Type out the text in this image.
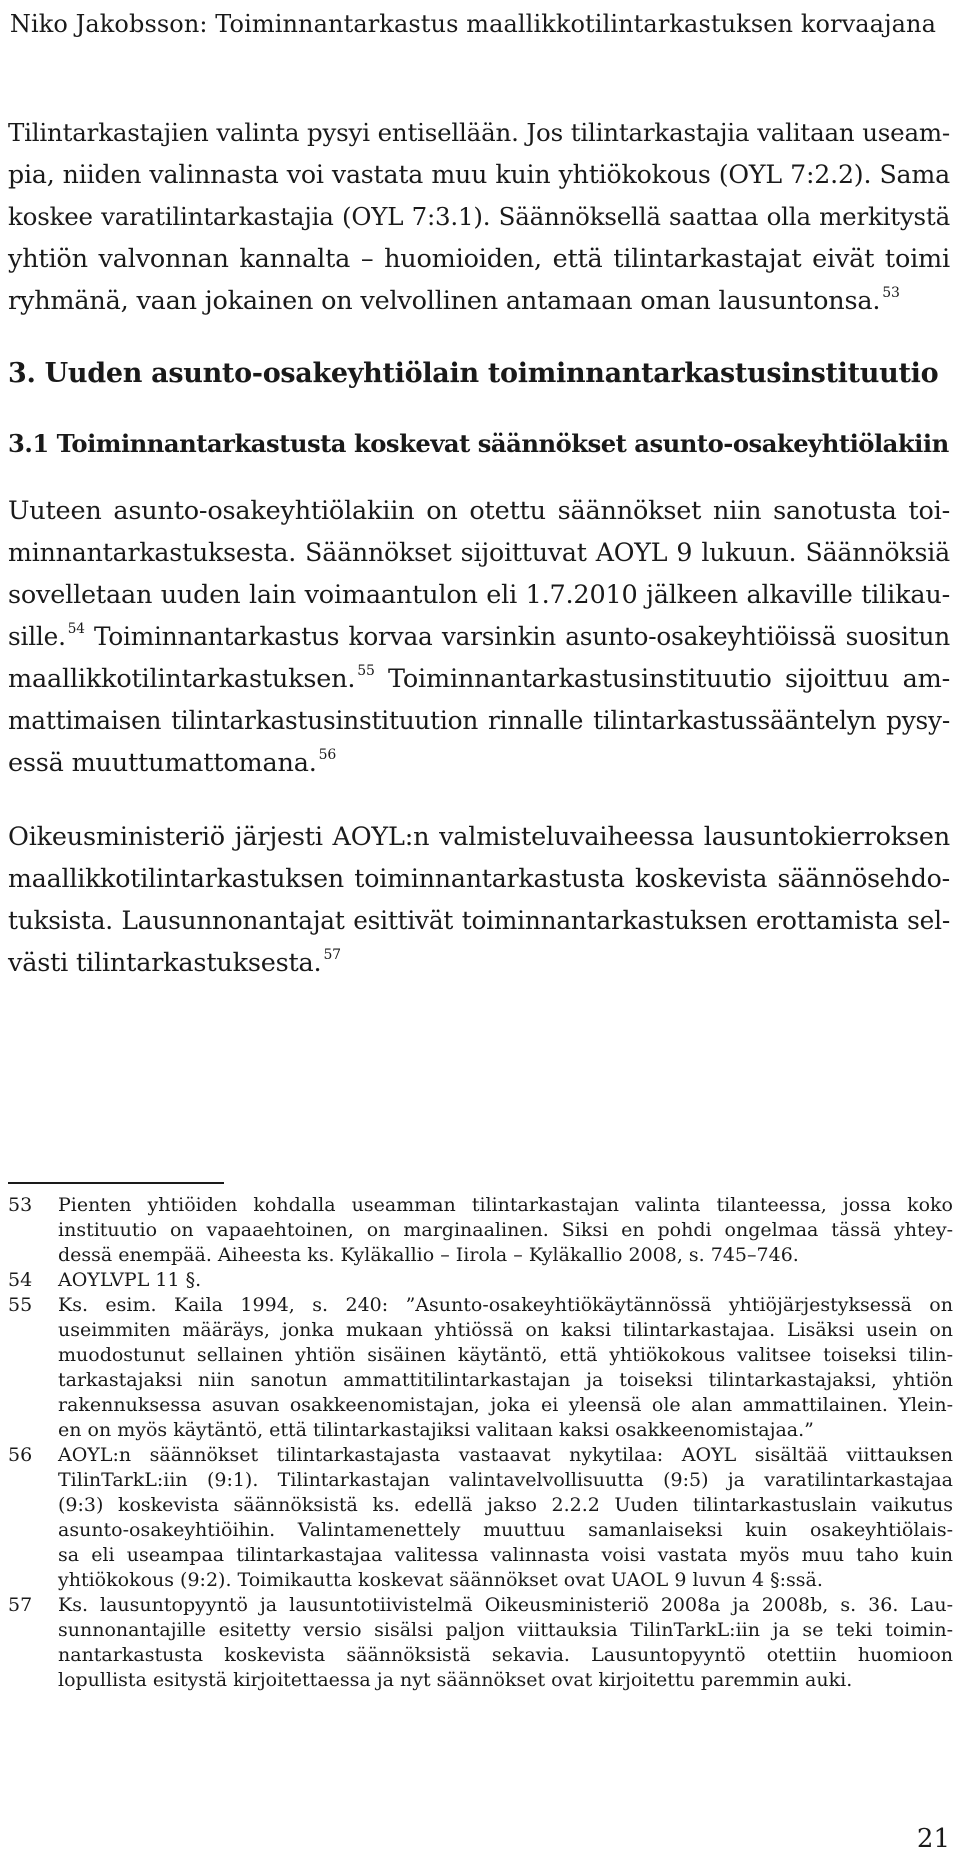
Niko Jakobsson: Toiminnantarkastus maallikkotilintarkastuksen korvaajana

Tilintarkastajien valinta pysyi entisellään. Jos tilintarkastajia valitaan useam-
pia, niiden valinnasta voi vastata muu kuin yhtiökokous (OYL 7:2.2). Sama
koskee varatilintarkastajia (OYL 7:3.1). Säännöksellä saattaa olla merkitystä
yhtiön valvonnan kannalta – huomioiden, että tilintarkastajat eivät toimi
ryhmänä, vaan jokainen on velvollinen antamaan oman lausuntonsa. $^{53}$

3. Uuden asunto-osakeyhtiölain toiminnantarkastusinstituutio
3.1 Toiminnantarkastusta koskevat säännökset asunto-osakeyhtiölakiin

Uuteen asunto-osakeyhtiölakiin on otettu säännökset niin sanotusta toi-
minnantarkastuksesta. Säännökset sijoittuvat AOYL 9 lukuun. Säännöksiä
sovelletaan uuden lain voimaantulon eli 1.7.2010 jälkeen alkaville tilikau-
sille. $^{54}$ Toiminnantarkastus korvaa varsinkin asunto-osakeyhtiöissä suositun
maallikkotilintarkastuksen. $^{55}$ Toiminnantarkastusinstituutio sijoittuu am-
mattimaisen tilintarkastusinstituution rinnalle tilintarkastussääntelyn pysy-
essä muuttumattomana. $^{56}$

Oikeusministeriö järjesti AOYL:n valmisteluvaiheessa lausuntokierroksen
maallikkotilintarkastuksen toiminnantarkastusta koskevista säännösehdo-
tuksista. Lausunnonantajat esittivät toiminnantarkastuksen erottamista sel-
västi tilintarkastuksesta. $^{57}$

53	Pienten yhtiöiden kohdalla useamman tilintarkastajan valinta tilanteessa, jossa koko
instituutio on vapaaehtoinen, on marginaalinen. Siksi en pohdi ongelmaa tässä yhtey-
dessä enempää. Aiheesta ks. Kyläkallio – Iirola – Kyläkallio 2008, s. 745–746.
54	AOYLVPL 11 §.
55	Ks. esim. Kaila 1994, s. 240: ”Asunto-osakeyhtiökäytännössä yhtiöjärjestyksessä on
useimmiten määräys, jonka mukaan yhtiössä on kaksi tilintarkastajaa. Lisäksi usein on
muodostunut sellainen yhtiön sisäinen käytäntö, että yhtiökokous valitsee toiseksi tilin-
tarkastajaksi niin sanotun ammattitilintarkastajan ja toiseksi tilintarkastajaksi, yhtiön
rakennuksessa asuvan osakkeenomistajan, joka ei yleensä ole alan ammattilainen. Ylein-
en on myös käytäntö, että tilintarkastajiksi valitaan kaksi osakkeenomistajaa.”
56	AOYL:n säännökset tilintarkastajasta vastaavat nykytilaa: AOYL sisältää viittauksen
TilinTarkL:iin (9:1). Tilintarkastajan valintavelvollisuutta (9:5) ja varatilintarkastajaa
(9:3) koskevista säännöksistä ks. edellä jakso 2.2.2 Uuden tilintarkastuslain vaikutus
asunto-osakeyhtiöihin. Valintamenettely muuttuu samanlaiseksi kuin osakeyhtiölais-
sa eli useampaa tilintarkastajaa valitessa valinnasta voisi vastata myös muu taho kuin
yhtiökokous (9:2). Toimikautta koskevat säännökset ovat UAOL 9 luvun 4 §:ssä.
57	Ks. lausuntopyyntö ja lausuntotiivistelmä Oikeusministeriö 2008a ja 2008b, s. 36. Lau-
sunnonantajille esitetty versio sisälsi paljon viittauksia TilinTarkL:iin ja se teki toimin-
nantarkastusta koskevista säännöksistä sekavia. Lausuntopyyntö otettiin huomioon
lopullista esitystä kirjoitettaessa ja nyt säännökset ovat kirjoitettu paremmin auki.
21
